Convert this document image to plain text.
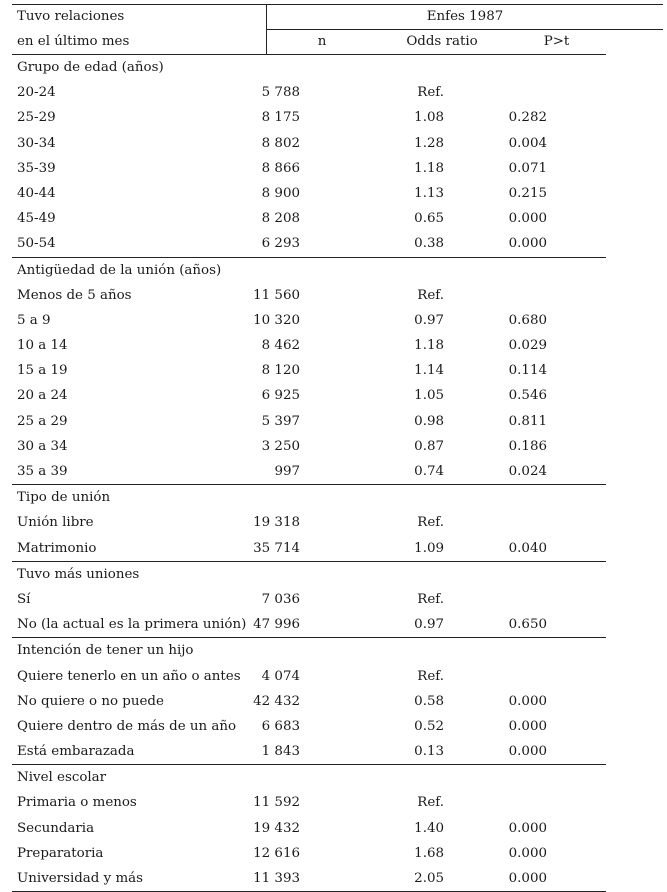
Tuvo relaciones	Enfes 1987
en el último mes	n	Odds ratio	P>t
Grupo de edad (años)
20-24	5 788	Ref.
25-29	8 175	1.08	0.282
30-34	8 802	1.28	0.004
35-39	8 866	1.18	0.071
40-44	8 900	1.13	0.215
45-49	8 208	0.65	0.000
50-54	6 293	0.38	0.000
Antigüedad de la unión (años)
Menos de 5 años	11 560	Ref.
5 a 9	10 320	0.97	0.680
10 a 14	8 462	1.18	0.029
15 a 19	8 120	1.14	0.114
20 a 24	6 925	1.05	0.546
25 a 29	5 397	0.98	0.811
30 a 34	3 250	0.87	0.186
35 a 39	997	0.74	0.024
Tipo de unión
Unión libre	19 318	Ref.
Matrimonio	35 714	1.09	0.040
Tuvo más uniones
Sí	7 036	Ref.
No (la actual es la primera unión) 47 996	0.97	0.650
Intención de tener un hijo
Quiere tenerlo en un año o antes 4 074	Ref.
No quiere o no puede	42 432	0.58	0.000
Quiere dentro de más de un año 6 683	0.52	0.000
Está embarazada	1 843	0.13	0.000
Nivel escolar
Primaria o menos	11 592	Ref.
Secundaria	19 432	1.40	0.000
Preparatoria	12 616	1.68	0.000
Universidad y más	11 393	2.05	0.000
